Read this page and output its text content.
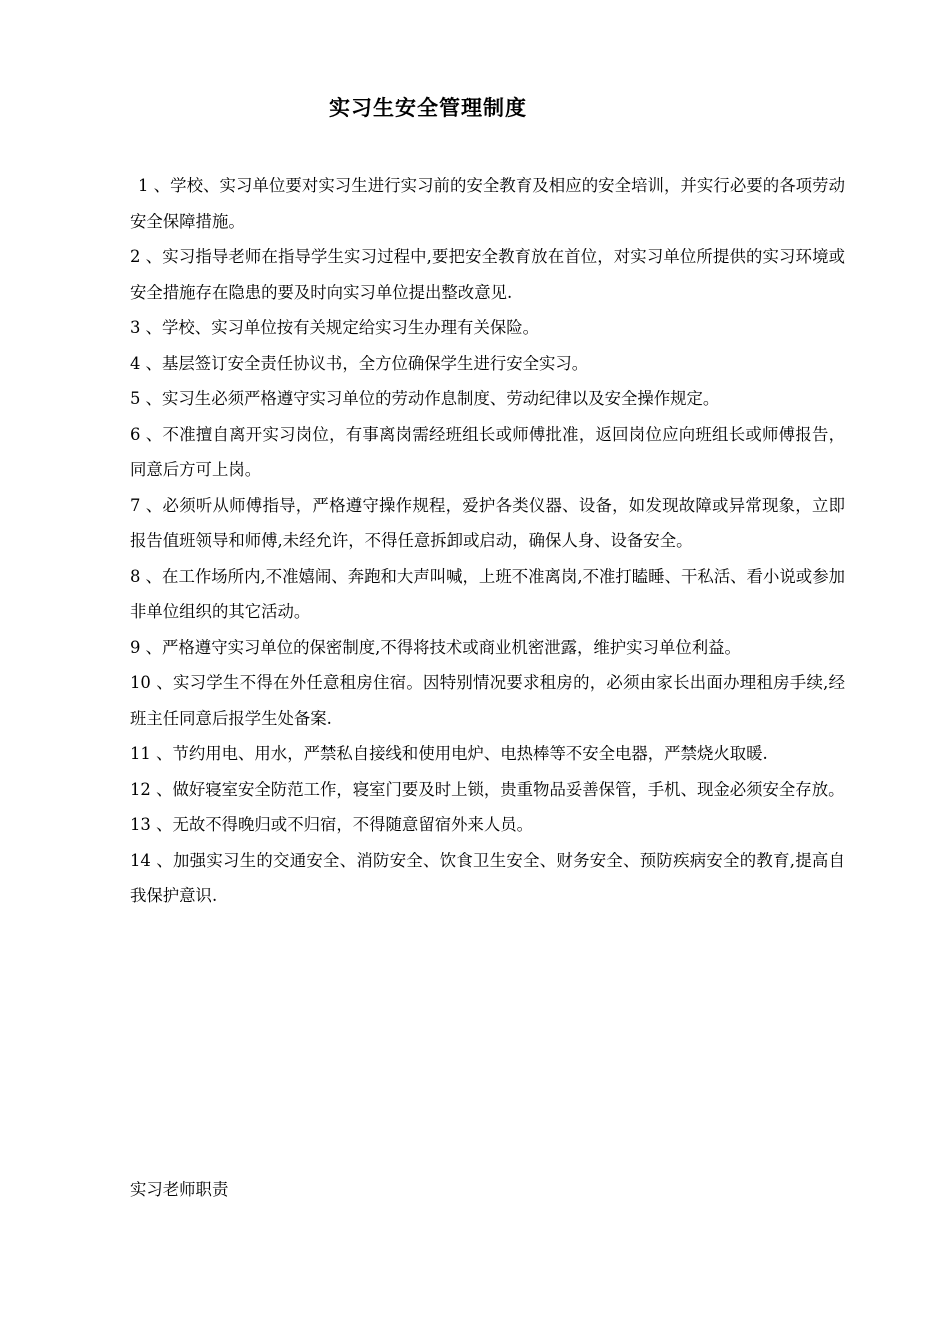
实习生安全管理制度
1 、学校、实习单位要对实习生进行实习前的安全教育及相应的安全培训，并实行必要的各项劳动安全保障措施。
2 、实习指导老师在指导学生实习过程中,要把安全教育放在首位，对实习单位所提供的实习环境或安全措施存在隐患的要及时向实习单位提出整改意见.
3 、学校、实习单位按有关规定给实习生办理有关保险。
4 、基层签订安全责任协议书，全方位确保学生进行安全实习。
5 、实习生必须严格遵守实习单位的劳动作息制度、劳动纪律以及安全操作规定。
6 、不准擅自离开实习岗位，有事离岗需经班组长或师傅批准，返回岗位应向班组长或师傅报告，同意后方可上岗。
7 、必须听从师傅指导，严格遵守操作规程，爱护各类仪器、设备，如发现故障或异常现象，立即报告值班领导和师傅,未经允许，不得任意拆卸或启动，确保人身、设备安全。
8 、在工作场所内,不准嬉闹、奔跑和大声叫喊，上班不准离岗,不准打瞌睡、干私活、看小说或参加非单位组织的其它活动。
9 、严格遵守实习单位的保密制度,不得将技术或商业机密泄露，维护实习单位利益。
10 、实习学生不得在外任意租房住宿。因特别情况要求租房的，必须由家长出面办理租房手续,经班主任同意后报学生处备案.
11 、节约用电、用水，严禁私自接线和使用电炉、电热棒等不安全电器，严禁烧火取暖.
12 、做好寝室安全防范工作，寝室门要及时上锁，贵重物品妥善保管，手机、现金必须安全存放。
13 、无故不得晚归或不归宿，不得随意留宿外来人员。
14 、加强实习生的交通安全、消防安全、饮食卫生安全、财务安全、预防疾病安全的教育,提高自我保护意识.

实习老师职责
